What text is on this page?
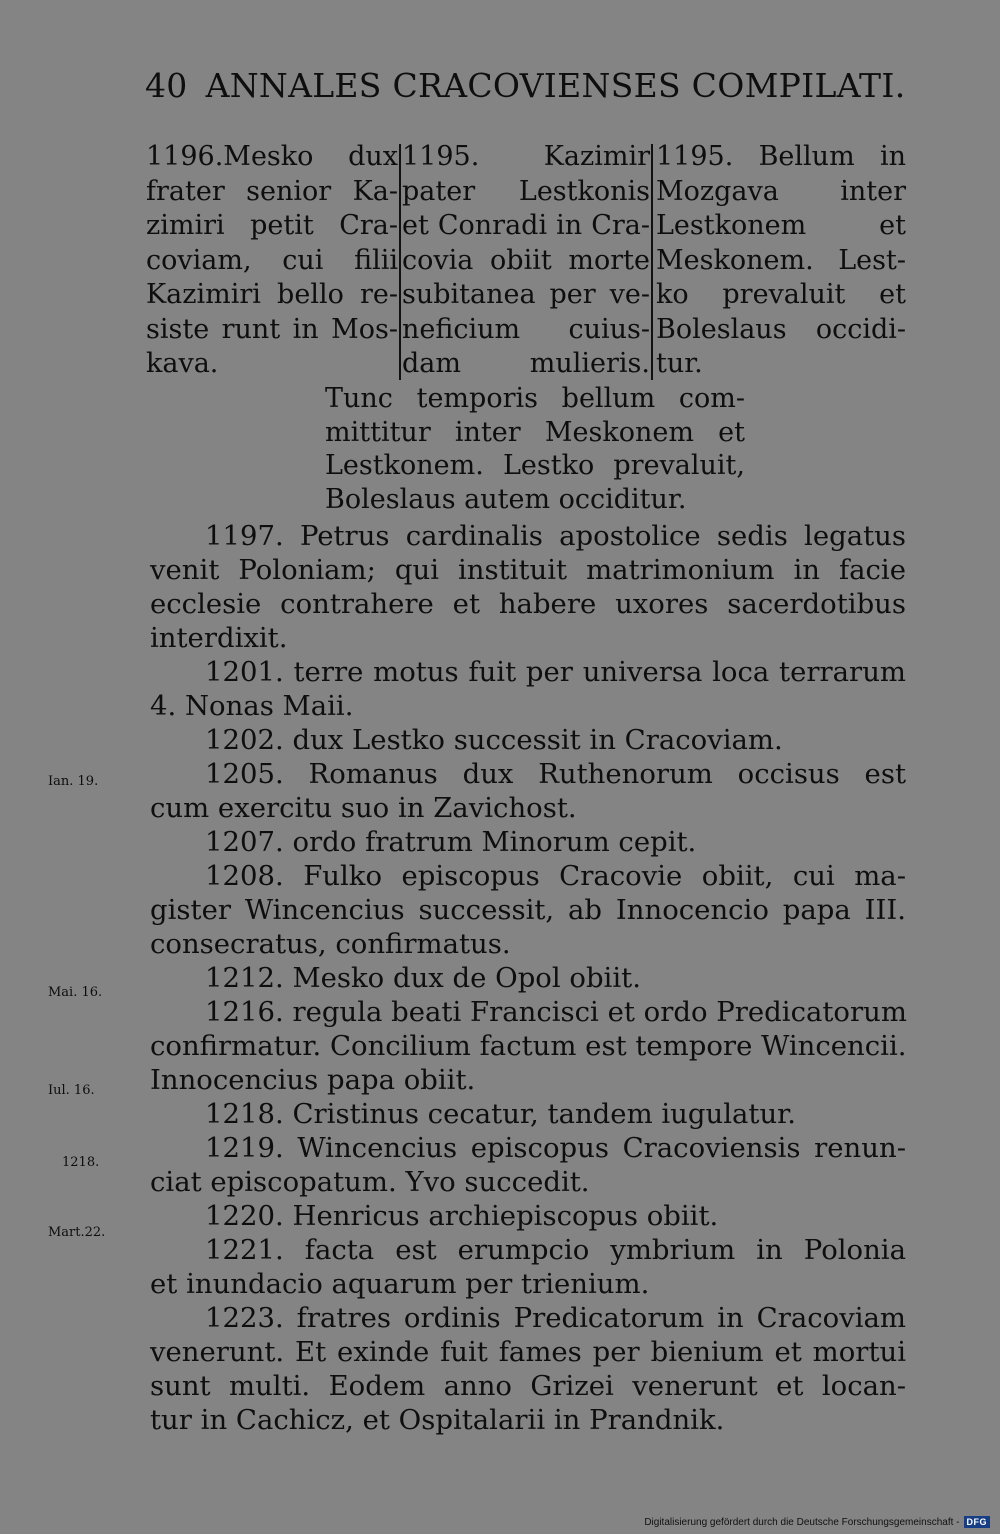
40 ANNALES CRACOVIENSES COMPILATI.
1196.Mesko dux
frater senior Ka-
zimiri petit Cra-
coviam, cui filii
Kazimiri bello re-
siste runt in Mos-
kava.
1195. Kazimir
pater Lestkonis
et Conradi in Cra-
covia obiit morte
subitanea per ve-
neficium cuius-
dam mulieris.
1195. Bellum in
Mozgava inter
Lestkonem et
Meskonem. Lest-
ko prevaluit et
Boleslaus occidi-
tur.
Tunc temporis bellum com-
mittitur inter Meskonem et
Lestkonem. Lestko prevaluit,
Boleslaus autem occiditur.
1197. Petrus cardinalis apostolice sedis legatus
venit Poloniam; qui instituit matrimonium in facie
ecclesie contrahere et habere uxores sacerdotibus
interdixit.
1201. terre motus fuit per universa loca terrarum
4. Nonas Maii.
1202. dux Lestko successit in Cracoviam.
1205. Romanus dux Ruthenorum occisus est
cum exercitu suo in Zavichost.
1207. ordo fratrum Minorum cepit.
1208. Fulko episcopus Cracovie obiit, cui ma-
gister Wincencius successit, ab Innocencio papa III.
consecratus, confirmatus.
1212. Mesko dux de Opol obiit.
1216. regula beati Francisci et ordo Predicatorum
confirmatur. Concilium factum est tempore Wincencii.
Innocencius papa obiit.
1218. Cristinus cecatur, tandem iugulatur.
1219. Wincencius episcopus Cracoviensis renun-
ciat episcopatum. Yvo succedit.
1220. Henricus archiepiscopus obiit.
1221. facta est erumpcio ymbrium in Polonia
et inundacio aquarum per trienium.
1223. fratres ordinis Predicatorum in Cracoviam
venerunt. Et exinde fuit fames per bienium et mortui
sunt multi. Eodem anno Grizei venerunt et locan-
tur in Cachicz, et Ospitalarii in Prandnik.
Ian. 19.
Mai. 16.
Iul. 16.
1218.
Mart.22.
Digitalisierung gefördert durch die Deutsche Forschungsgemeinschaft - DFG
